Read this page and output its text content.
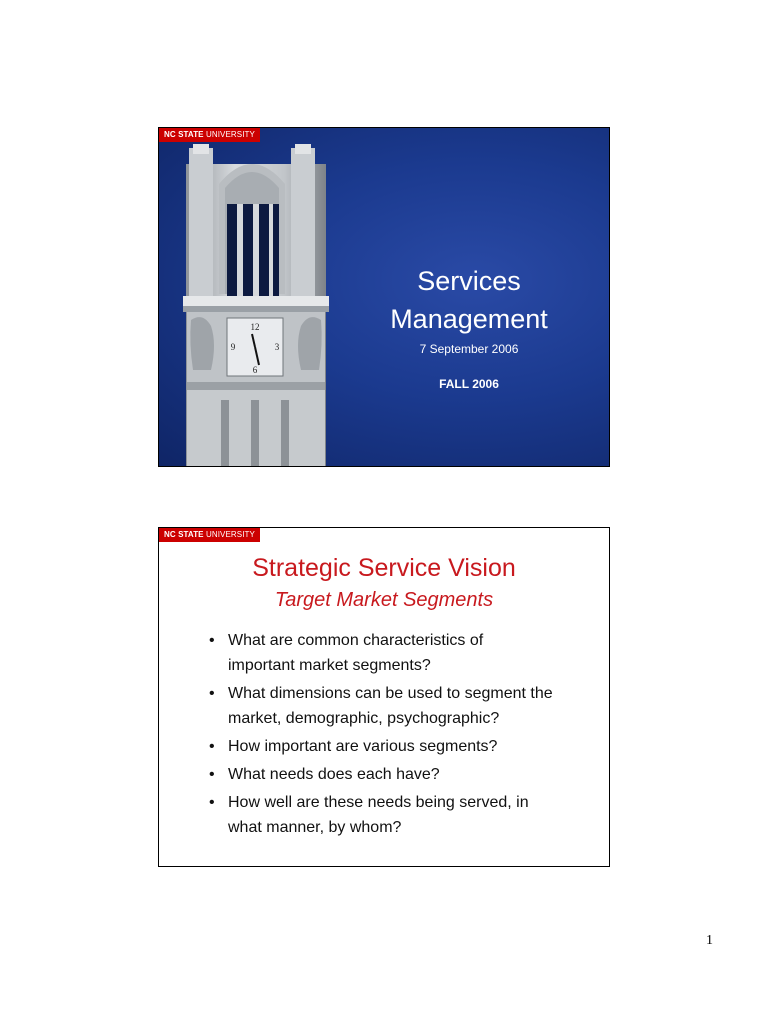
NC STATE UNIVERSITY
12
3
6
9
Services
Management
7 September 2006
FALL 2006
NC STATE UNIVERSITY
Strategic Service Vision
Target Market Segments
• What are common characteristics of
important market segments?
• What dimensions can be used to segment the
market, demographic, psychographic?
• How important are various segments?
• What needs does each have?
• How well are these needs being served, in
what manner, by whom?
1
